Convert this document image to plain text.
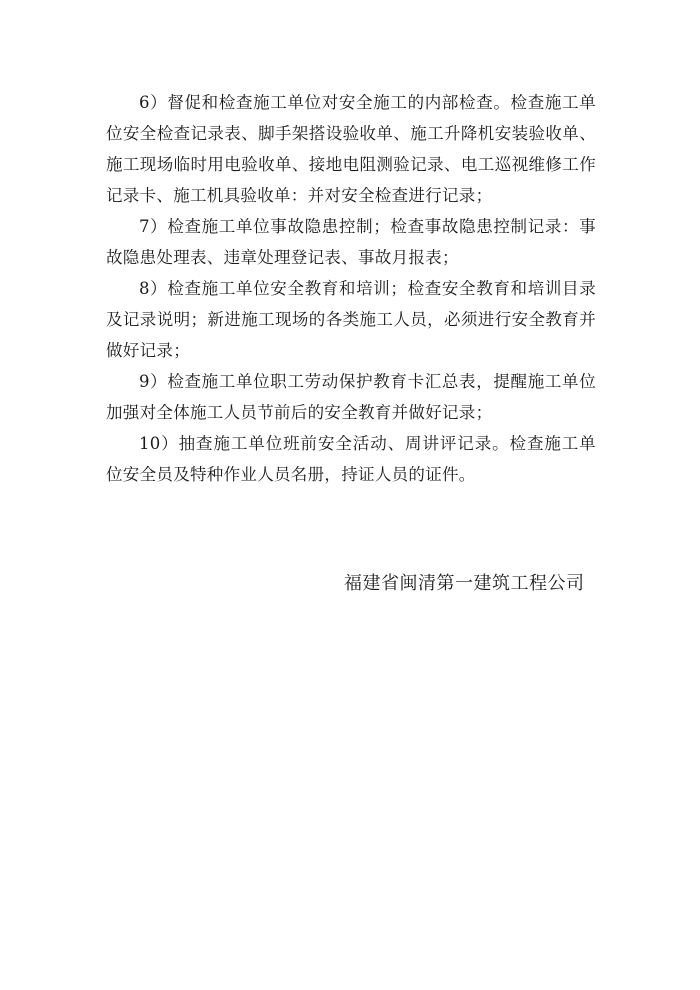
6）督促和检查施工单位对安全施工的内部检查。检查施工单位安全检查记录表、脚手架搭设验收单、施工升降机安装验收单、施工现场临时用电验收单、接地电阻测验记录、电工巡视维修工作记录卡、施工机具验收单：并对安全检查进行记录；

7）检查施工单位事故隐患控制；检查事故隐患控制记录：事故隐患处理表、违章处理登记表、事故月报表；

8）检查施工单位安全教育和培训；检查安全教育和培训目录及记录说明；新进施工现场的各类施工人员，必须进行安全教育并做好记录；

9）检查施工单位职工劳动保护教育卡汇总表，提醒施工单位加强对全体施工人员节前后的安全教育并做好记录；

10）抽查施工单位班前安全活动、周讲评记录。检查施工单位安全员及特种作业人员名册，持证人员的证件。

福建省闽清第一建筑工程公司
